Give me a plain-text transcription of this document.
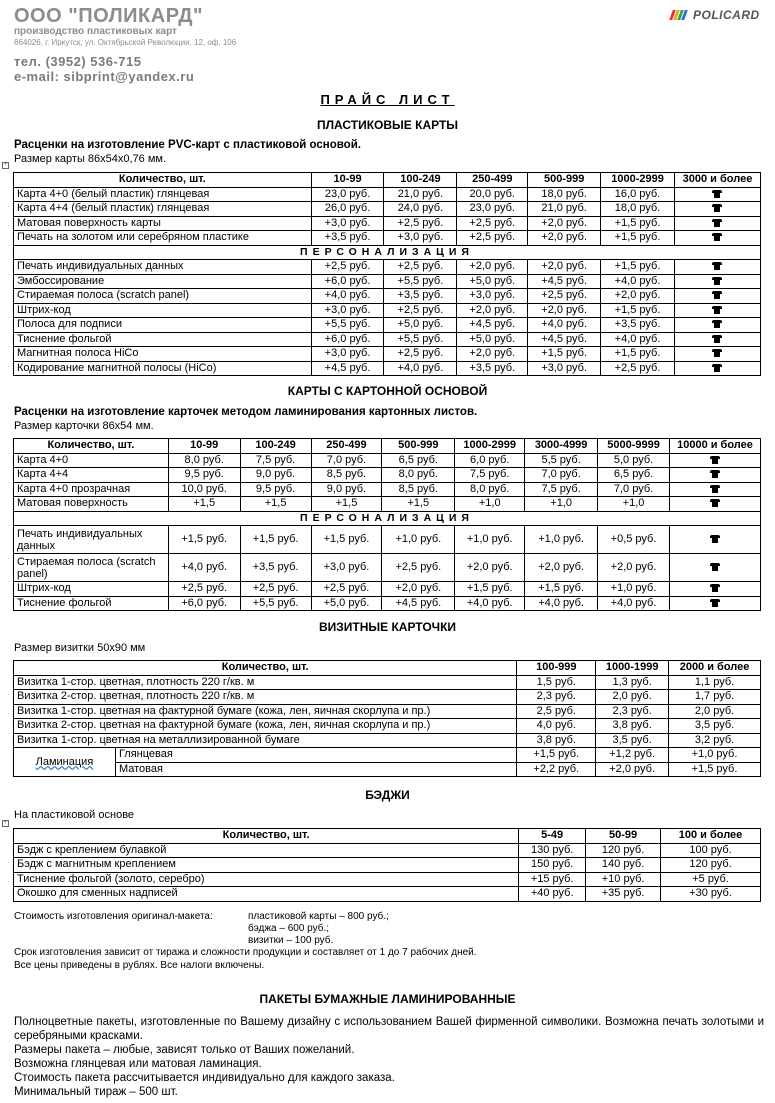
ООО "ПОЛИКАРД"
производство пластиковых карт
664026, г. Иркутск, ул. Октябрьской Революции, 12, оф. 106
тел. (3952) 536-715
e-mail: sibprint@yandex.ru
POLICARD
ПРАЙС ЛИСТ
ПЛАСТИКОВЫЕ КАРТЫ
Расценки на изготовление PVC-карт с пластиковой основой.
+ Размер карты 86х54х0,76 мм.
Количество, шт.	10-99	100-249	250-499	500-999	1000-2999	3000 и более
Карта 4+0 (белый пластик) глянцевая	23,0 руб.	21,0 руб.	20,0 руб.	18,0 руб.	16,0 руб.	
Карта 4+4 (белый пластик) глянцевая	26,0 руб.	24,0 руб.	23,0 руб.	21,0 руб.	18,0 руб.	
Матовая поверхность карты	+3,0 руб.	+2,5 руб.	+2,5 руб.	+2,0 руб.	+1,5 руб.	
Печать на золотом или серебряном пластике	+3,5 руб.	+3,0 руб.	+2,5 руб.	+2,0 руб.	+1,5 руб.	
ПЕРСОНАЛИЗАЦИЯ						
Печать индивидуальных данных	+2,5 руб.	+2,5 руб.	+2,0 руб.	+2,0 руб.	+1,5 руб.	
Эмбоссирование	+6,0 руб.	+5,5 руб.	+5,0 руб.	+4,5 руб.	+4,0 руб.	
Стираемая полоса (scratch panel)	+4,0 руб.	+3,5 руб.	+3,0 руб.	+2,5 руб.	+2,0 руб.	
Штрих-код	+3,0 руб.	+2,5 руб.	+2,0 руб.	+2,0 руб.	+1,5 руб.	
Полоса для подписи	+5,5 руб.	+5,0 руб.	+4,5 руб.	+4,0 руб.	+3,5 руб.	
Тиснение фольгой	+6,0 руб.	+5,5 руб.	+5,0 руб.	+4,5 руб.	+4,0 руб.	
Магнитная полоса HiCo	+3,0 руб.	+2,5 руб.	+2,0 руб.	+1,5 руб.	+1,5 руб.	
Кодирование магнитной полосы (HiCo)	+4,5 руб.	+4,0 руб.	+3,5 руб.	+3,0 руб.	+2,5 руб.	
КАРТЫ С КАРТОННОЙ ОСНОВОЙ
Расценки на изготовление карточек методом ламинирования картонных листов.
Размер карточки 86х54 мм.
Количество, шт.	10-99	100-249	250-499	500-999	1000-2999	3000-4999	5000-9999	10000 и более
Карта 4+0	8,0 руб.	7,5 руб.	7,0 руб.	6,5 руб.	6,0 руб.	5,5 руб.	5,0 руб.	
Карта 4+4	9,5 руб.	9,0 руб.	8,5 руб.	8,0 руб.	7,5 руб.	7,0 руб.	6,5 руб.	
Карта 4+0 прозрачная	10,0 руб.	9,5 руб.	9,0 руб.	8,5 руб.	8,0 руб.	7,5 руб.	7,0 руб.	
Матовая поверхность	+1,5	+1,5	+1,5	+1,5	+1,0	+1,0	+1,0	
ПЕРСОНАЛИЗАЦИЯ								
Печать индивидуальных данных	+1,5 руб.	+1,5 руб.	+1,5 руб.	+1,0 руб.	+1,0 руб.	+1,0 руб.	+0,5 руб.	
Стираемая полоса (scratch panel)	+4,0 руб.	+3,5 руб.	+3,0 руб.	+2,5 руб.	+2,0 руб.	+2,0 руб.	+2,0 руб.	
Штрих-код	+2,5 руб.	+2,5 руб.	+2,5 руб.	+2,0 руб.	+1,5 руб.	+1,5 руб.	+1,0 руб.	
Тиснение фольгой	+6,0 руб.	+5,5 руб.	+5,0 руб.	+4,5 руб.	+4,0 руб.	+4,0 руб.	+4,0 руб.	
ВИЗИТНЫЕ КАРТОЧКИ
Размер визитки 50х90 мм
Количество, шт.		100-999	1000-1999	2000 и более
Визитка 1-стор. цветная, плотность 220 г/кв. м		1,5 руб.	1,3 руб.	1,1 руб.
Визитка 2-стор. цветная, плотность 220 г/кв. м		2,3 руб.	2,0 руб.	1,7 руб.
Визитка 1-стор. цветная на фактурной бумаге (кожа, лен, яичная скорлупа и пр.)		2,5 руб.	2,3 руб.	2,0 руб.
Визитка 2-стор. цветная на фактурной бумаге (кожа, лен, яичная скорлупа и пр.)		4,0 руб.	3,8 руб.	3,5 руб.
Визитка 1-стор. цветная на металлизированной бумаге		3,8 руб.	3,5 руб.	3,2 руб.
Ламинация	Глянцевая	+1,5 руб.	+1,2 руб.	+1,0 руб.
	Матовая	+2,2 руб.	+2,0 руб.	+1,5 руб.
БЭДЖИ
+
На пластиковой основе
Количество, шт.	5-49	50-99	100 и более
Бэдж с креплением булавкой	130 руб.	120 руб.	100 руб.
Бэдж с магнитным креплением	150 руб.	140 руб.	120 руб.
Тиснение фольгой (золото, серебро)	+15 руб.	+10 руб.	+5 руб.
Окошко для сменных надписей	+40 руб.	+35 руб.	+30 руб.
Стоимость изготовления оригинал-макета:	пластиковой карты – 800 руб.;
бэджа – 600 руб.;
визитки – 100 руб.
Срок изготовления зависит от тиража и сложности продукции и составляет от 1 до 7 рабочих дней.
Все цены приведены в рублях. Все налоги включены.
ПАКЕТЫ БУМАЖНЫЕ ЛАМИНИРОВАННЫЕ
Полноцветные пакеты, изготовленные по Вашему дизайну с использованием Вашей фирменной символики. Возможна печать золотыми и серебряными красками.
Размеры пакета – любые, зависят только от Ваших пожеланий.
Возможна глянцевая или матовая ламинация.
Стоимость пакета рассчитывается индивидуально для каждого заказа.
Минимальный тираж – 500 шт.
